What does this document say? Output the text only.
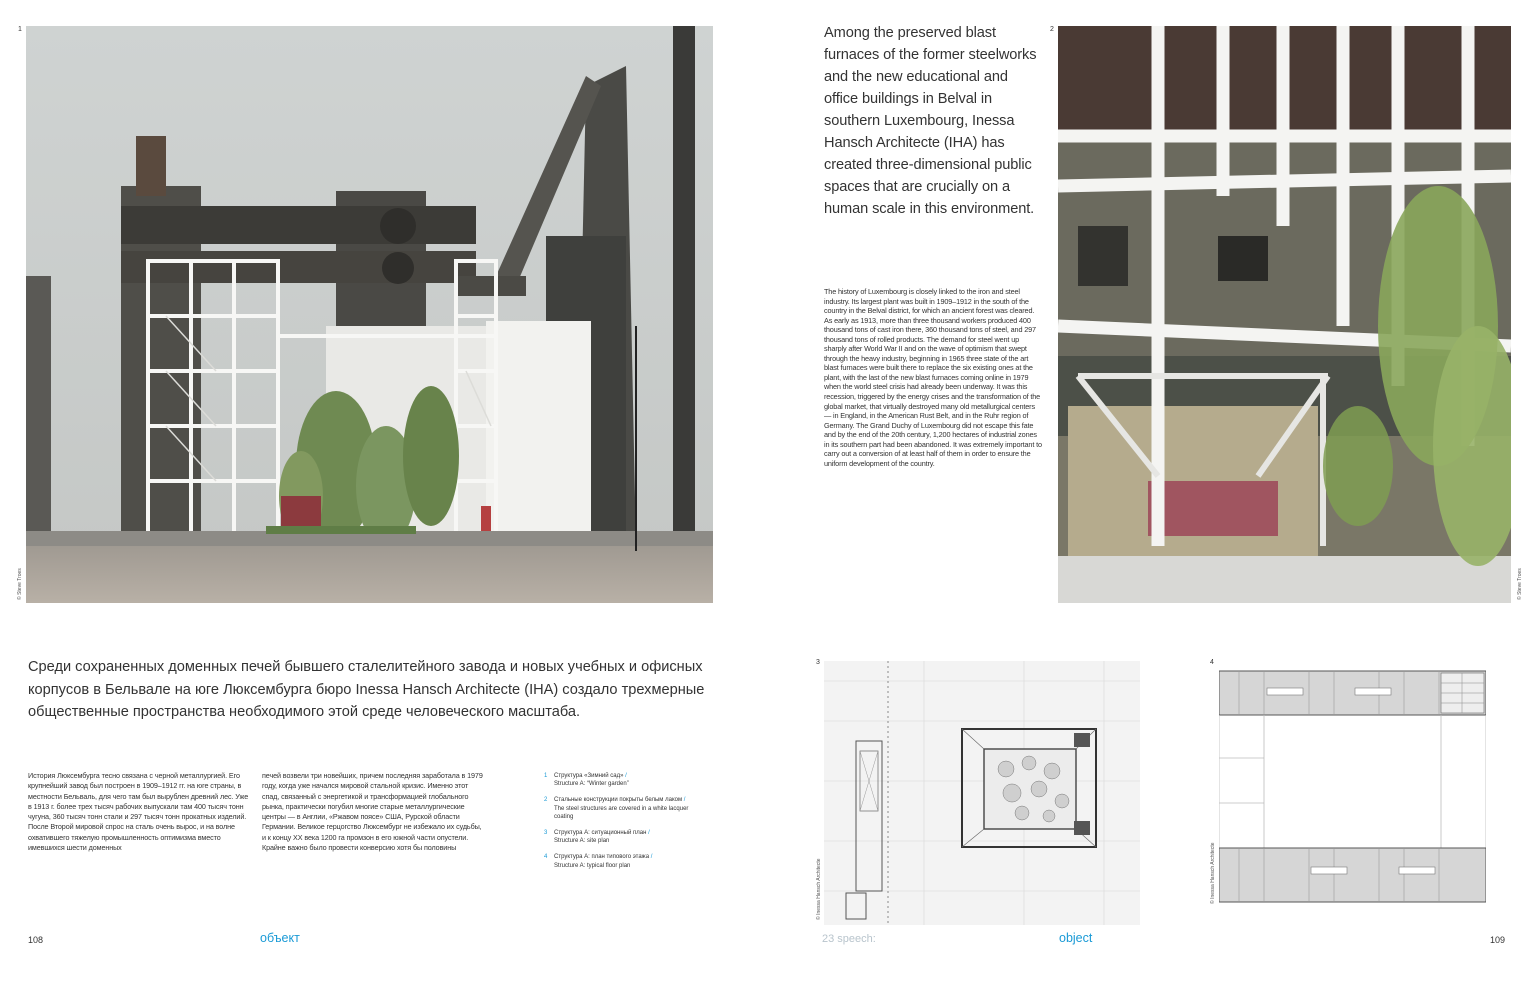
1
© Steve Troes
Among the preserved blast furnaces of the former steelworks and the new educational and office buildings in Belval in southern Luxembourg, Inessa Hansch Architecte (IHA) has created three-dimensional public spaces that are crucially on a human scale in this environment.
The history of Luxembourg is closely linked to the iron and steel industry. Its largest plant was built in 1909–1912 in the south of the country in the Belval district, for which an ancient forest was cleared. As early as 1913, more than three thousand workers produced 400 thousand tons of cast iron there, 360 thousand tons of steel, and 297 thousand tons of rolled products. The demand for steel went up sharply after World War II and on the wave of optimism that swept through the heavy industry, beginning in 1965 three state of the art blast furnaces were built there to replace the six existing ones at the plant, with the last of the new blast furnaces coming online in 1979 when the world steel crisis had already been underway. It was this recession, triggered by the energy crises and the transformation of the global market, that virtually destroyed many old metallurgical centers — in England, in the American Rust Belt, and in the Ruhr region of Germany. The Grand Duchy of Luxembourg did not escape this fate and by the end of the 20th century, 1,200 hectares of industrial zones in its southern part had been abandoned. It was extremely important to carry out a conversion of at least half of them in order to ensure the uniform development of the country.
2
© Steve Troes
Среди сохраненных доменных печей бывшего сталелитейного завода и новых учебных и офисных корпусов в Бельвале на юге Люксембурга бюро Inessa Hansch Architecte (IHA) создало трехмерные общественные пространства необходимого этой среде человеческого масштаба.
История Люксембурга тесно связана с черной металлургией. Его крупнейший завод был построен в 1909–1912 гг. на юге страны, в местности Бельваль, для чего там был вырублен древний лес. Уже в 1913 г. более трех тысяч рабочих выпускали там 400 тысяч тонн чугуна, 360 тысяч тонн стали и 297 тысяч тонн прокатных изделий. После Второй мировой спрос на сталь очень вырос, и на волне охватившего тяжелую промышленность оптимизма вместо имевшихся шести доменных
печей возвели три новейших, причем последняя заработала в 1979 году, когда уже начался мировой стальной кризис. Именно этот спад, связанный с энергетикой и трансформацией глобального рынка, практически погубил многие старые металлургические центры — в Англии, «Ржавом поясе» США, Рурской области Германии. Великое герцогство Люксембург не избежало их судьбы, и к концу XX века 1200 га промзон в его южной части опустели. Крайне важно было провести конверсию хотя бы половины
1 Структура «Зимний сад» /
Structure A: “Winter garden”
2 Стальные конструкции покрыты белым лаком /
The steel structures are covered in a white lacquer coating
3 Структура А: ситуационный план /
Structure A: site plan
4 Структура А: план типового этажа /
Structure A: typical floor plan
3
© Inessa Hansch Architecte
4
© Inessa Hansch Architecte
108	объект	23 speech:	object	109
